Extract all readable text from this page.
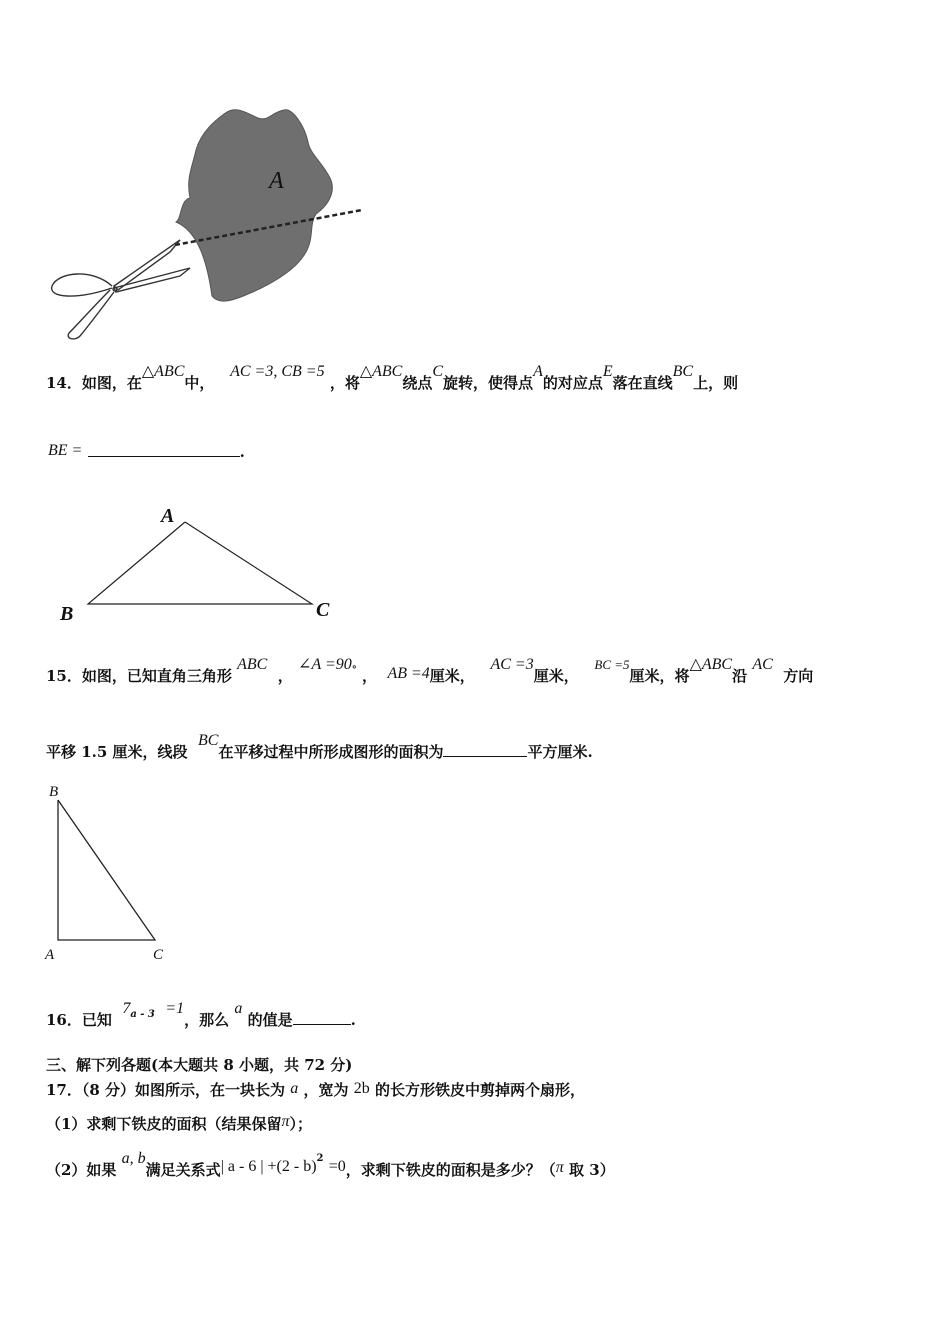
A
14．如图，在△ABC中，   AC =3, CB =5 ，将△ABC绕点C旋转，使得点A的对应点E落在直线BC上，则
BE =	.
A
B	C
15．如图，已知直角三角形 ABC  ， ∠A =90° ， AB =4厘米，   AC =3厘米，   BC =5厘米，将△ABC沿 AC  方向
平移 1.5 厘米，线段  BC在平移过程中所形成图形的面积为	平方厘米.
B
A	C
16．已知  $7^{a - 3} =1$，那么 a 的值是	.
三、解下列各题(本大题共 8 小题，共 72 分)
17．（8 分）如图所示，在一块长为 a ，宽为 2b 的长方形铁皮中剪掉两个扇形，
（1）求剩下铁皮的面积（结果保留π）；
（2）如果 a, b满足关系式| a - 6 | +(2 - b)$^2$ =0，求剩下铁皮的面积是多少？（π 取 3）
